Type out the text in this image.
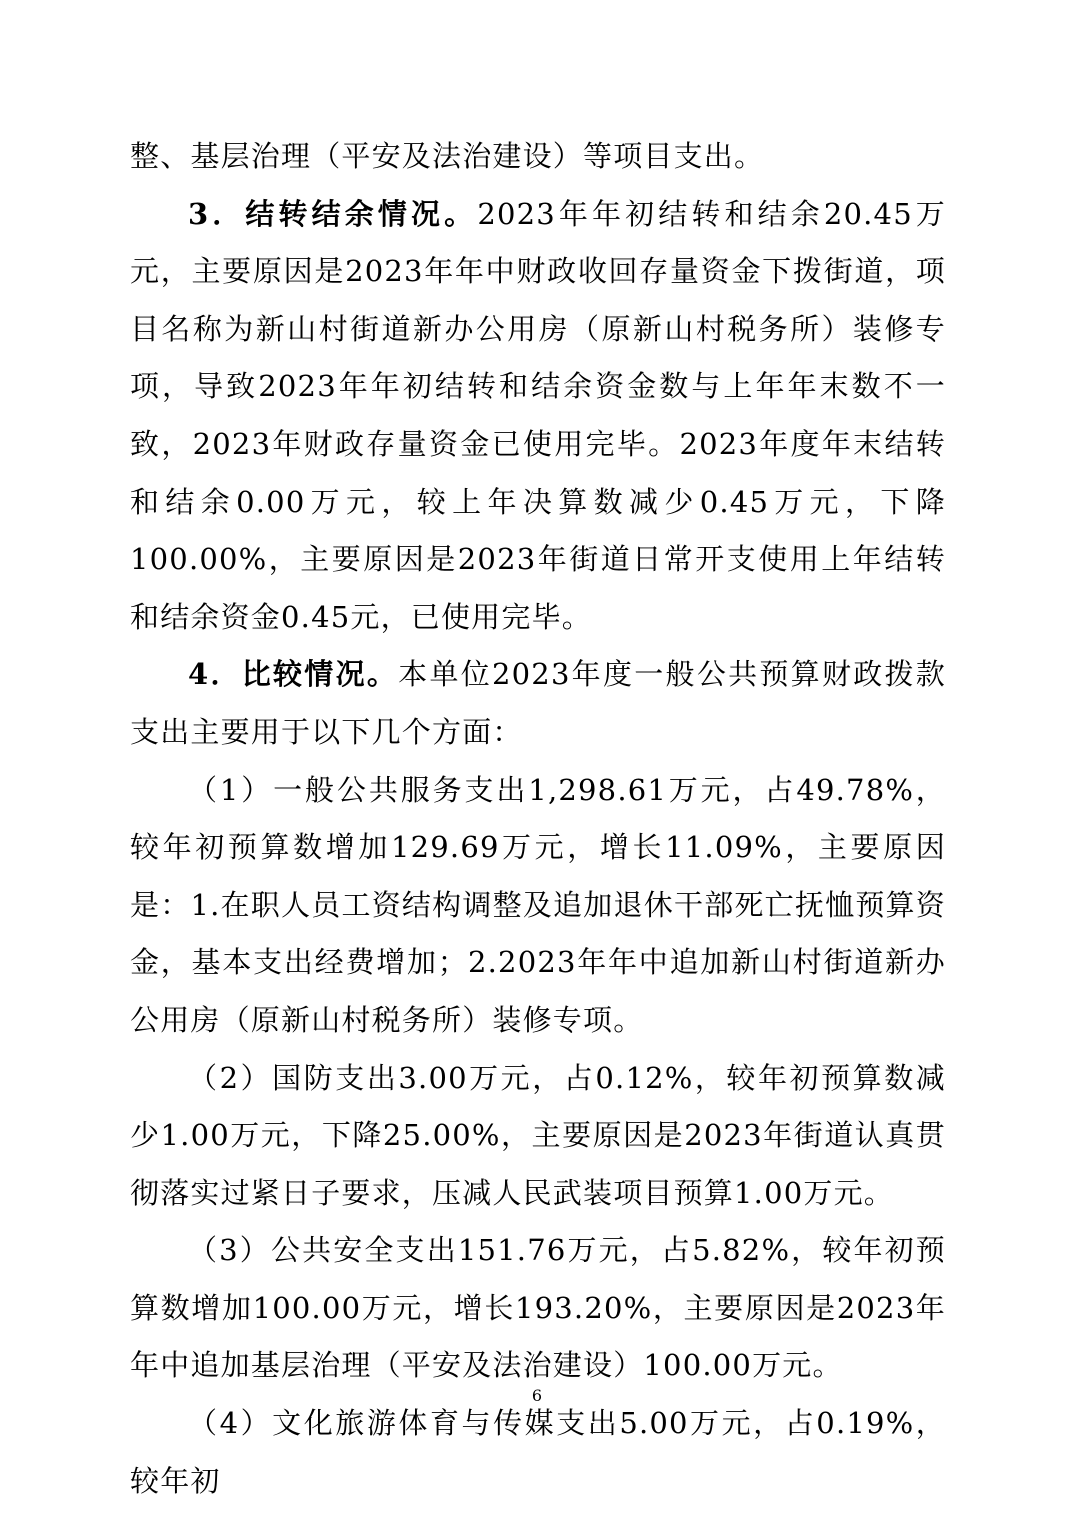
整、基层治理（平安及法治建设）等项目支出。

3．结转结余情况。2023年年初结转和结余20.45万元，主要原因是2023年年中财政收回存量资金下拨街道，项目名称为新山村街道新办公用房（原新山村税务所）装修专项，导致2023年年初结转和结余资金数与上年年末数不一致，2023年财政存量资金已使用完毕。2023年度年末结转和结余0.00万元，较上年决算数减少0.45万元，下降100.00%，主要原因是2023年街道日常开支使用上年结转和结余资金0.45元，已使用完毕。

4．比较情况。本单位2023年度一般公共预算财政拨款支出主要用于以下几个方面：

（1）一般公共服务支出1,298.61万元，占49.78%，较年初预算数增加129.69万元，增长11.09%，主要原因是：1.在职人员工资结构调整及追加退休干部死亡抚恤预算资金，基本支出经费增加；2.2023年年中追加新山村街道新办公用房（原新山村税务所）装修专项。

（2）国防支出3.00万元，占0.12%，较年初预算数减少1.00万元，下降25.00%，主要原因是2023年街道认真贯彻落实过紧日子要求，压减人民武装项目预算1.00万元。

（3）公共安全支出151.76万元，占5.82%，较年初预算数增加100.00万元，增长193.20%，主要原因是2023年年中追加基层治理（平安及法治建设）100.00万元。

（4）文化旅游体育与传媒支出5.00万元，占0.19%，较年初

6
